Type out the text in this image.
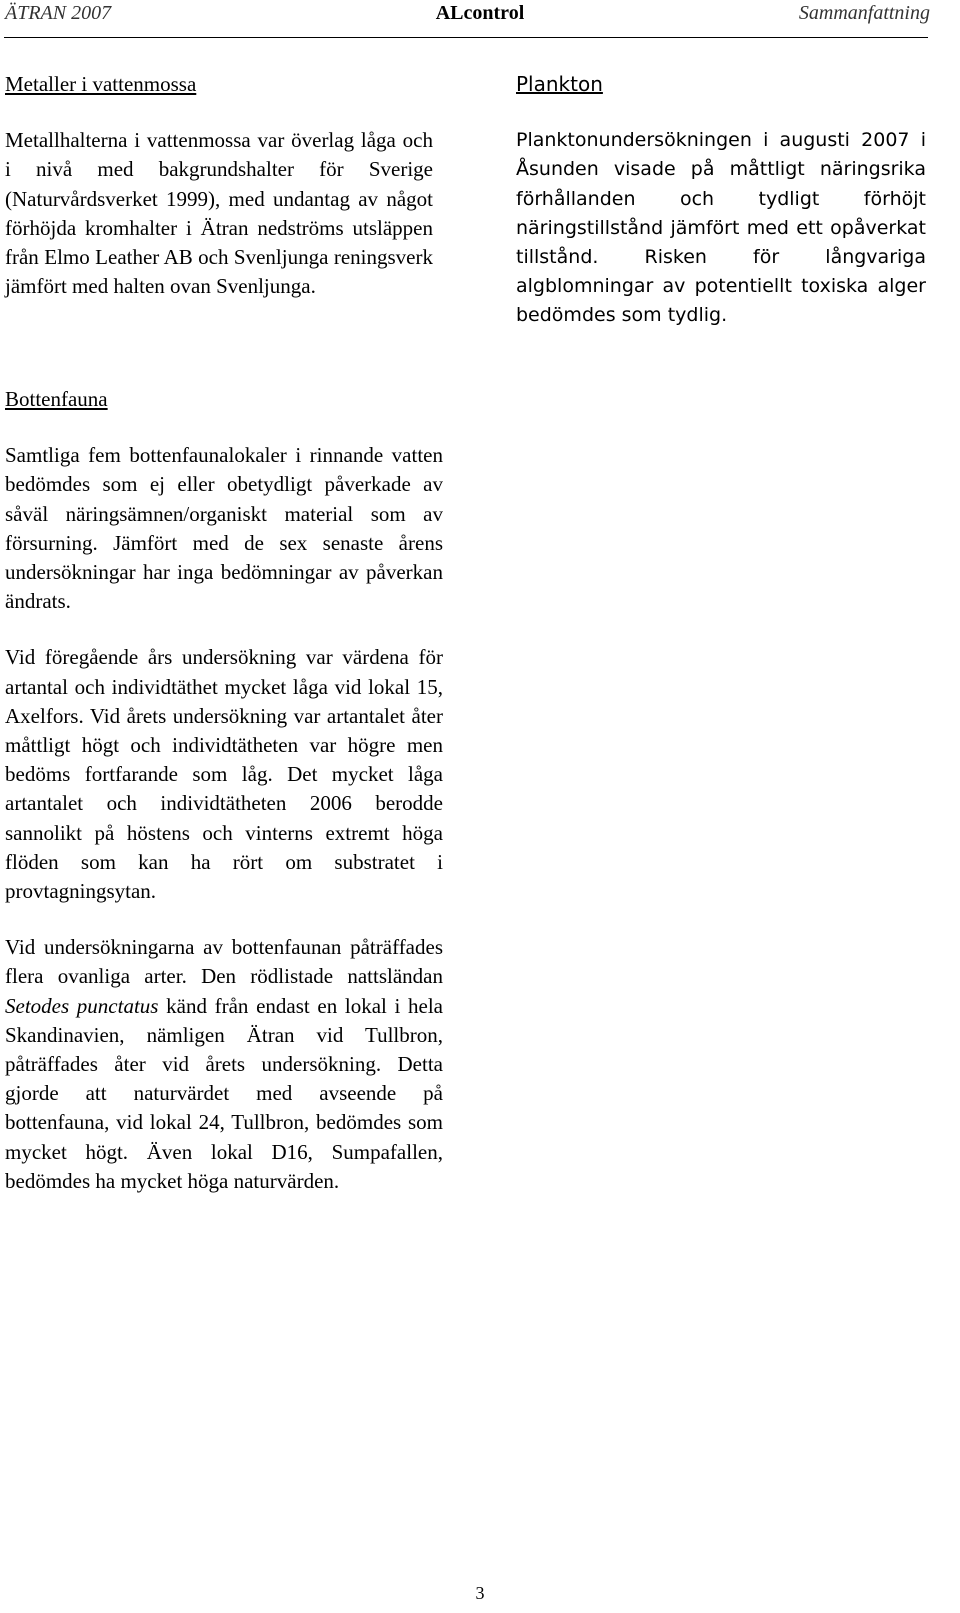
ÄTRAN 2007	ALcontrol	Sammanfattning

Metaller i vattenmossa

Metallhalterna i vattenmossa var överlag låga och i nivå med bakgrundshalter för Sverige (Naturvårdsverket 1999), med undantag av något förhöjda kromhalter i Ätran nedströms utsläppen från Elmo Leather AB och Svenljunga reningsverk jämfört med halten ovan Svenljunga.

Plankton

Planktonundersökningen i augusti 2007 i Åsunden visade på måttligt näringsrika förhållanden och tydligt förhöjt näringstillstånd jämfört med ett opåverkat tillstånd. Risken för långvariga algblomningar av potentiellt toxiska alger bedömdes som tydlig.

Bottenfauna

Samtliga fem bottenfaunalokaler i rinnande vatten bedömdes som ej eller obetydligt påverkade av såväl näringsämnen/organiskt material som av försurning. Jämfört med de sex senaste årens undersökningar har inga bedömningar av påverkan ändrats.

Vid föregående års undersökning var värdena för artantal och individtäthet mycket låga vid lokal 15, Axelfors. Vid årets undersökning var artantalet åter måttligt högt och individtätheten var högre men bedöms fortfarande som låg. Det mycket låga artantalet och individtätheten 2006 berodde sannolikt på höstens och vinterns extremt höga flöden som kan ha rört om substratet i provtagningsytan.

Vid undersökningarna av bottenfaunan påträffades flera ovanliga arter. Den rödlistade nattsländan Setodes punctatus känd från endast en lokal i hela Skandinavien, nämligen Ätran vid Tullbron, påträffades åter vid årets undersökning. Detta gjorde att naturvärdet med avseende på bottenfauna, vid lokal 24, Tullbron, bedömdes som mycket högt. Även lokal D16, Sumpafallen, bedömdes ha mycket höga naturvärden.

3
